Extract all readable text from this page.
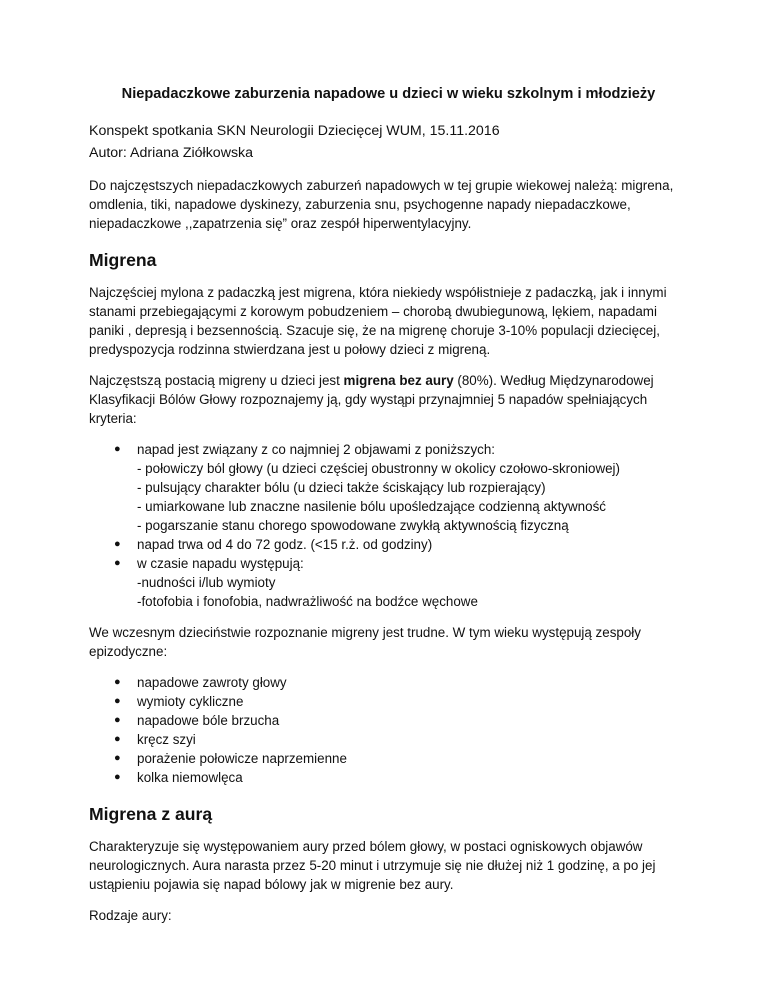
Niepadaczkowe zaburzenia napadowe u dzieci w wieku szkolnym i młodzieży
Konspekt spotkania SKN Neurologii Dziecięcej WUM, 15.11.2016
Autor: Adriana Ziółkowska

Do najczęstszych niepadaczkowych zaburzeń napadowych w tej grupie wiekowej należą: migrena, omdlenia, tiki, napadowe dyskinezy, zaburzenia snu, psychogenne napady niepadaczkowe, niepadaczkowe ,,zapatrzenia się” oraz zespół hiperwentylacyjny.

Migrena

Najczęściej mylona z padaczką jest migrena, która niekiedy współistnieje z padaczką, jak i innymi stanami przebiegającymi z korowym pobudzeniem – chorobą dwubiegunową, lękiem, napadami paniki , depresją i bezsennością. Szacuje się, że na migrenę choruje 3-10% populacji dziecięcej, predyspozycja rodzinna stwierdzana jest u połowy dzieci z migreną.

Najczęstszą postacią migreny u dzieci jest migrena bez aury (80%). Według Międzynarodowej Klasyfikacji Bólów Głowy rozpoznajemy ją, gdy wystąpi przynajmniej 5 napadów spełniających kryteria:

● napad jest związany z co najmniej 2 objawami z poniższych:
- połowiczy ból głowy (u dzieci częściej obustronny w okolicy czołowo-skroniowej)
- pulsujący charakter bólu (u dzieci także ściskający lub rozpierający)
- umiarkowane lub znaczne nasilenie bólu upośledzające codzienną aktywność
- pogarszanie stanu chorego spowodowane zwykłą aktywnością fizyczną
● napad trwa od 4 do 72 godz. (<15 r.ż. od godziny)
● w czasie napadu występują:
-nudności i/lub wymioty
-fotofobia i fonofobia, nadwrażliwość na bodźce węchowe

We wczesnym dzieciństwie rozpoznanie migreny jest trudne. W tym wieku występują zespoły epizodyczne:

● napadowe zawroty głowy
● wymioty cykliczne
● napadowe bóle brzucha
● kręcz szyi
● porażenie połowicze naprzemienne
● kolka niemowlęca
Migrena z aurą

Charakteryzuje się występowaniem aury przed bólem głowy, w postaci ogniskowych objawów neurologicznych. Aura narasta przez 5-20 minut i utrzymuje się nie dłużej niż 1 godzinę, a po jej ustąpieniu pojawia się napad bólowy jak w migrenie bez aury.

Rodzaje aury:
